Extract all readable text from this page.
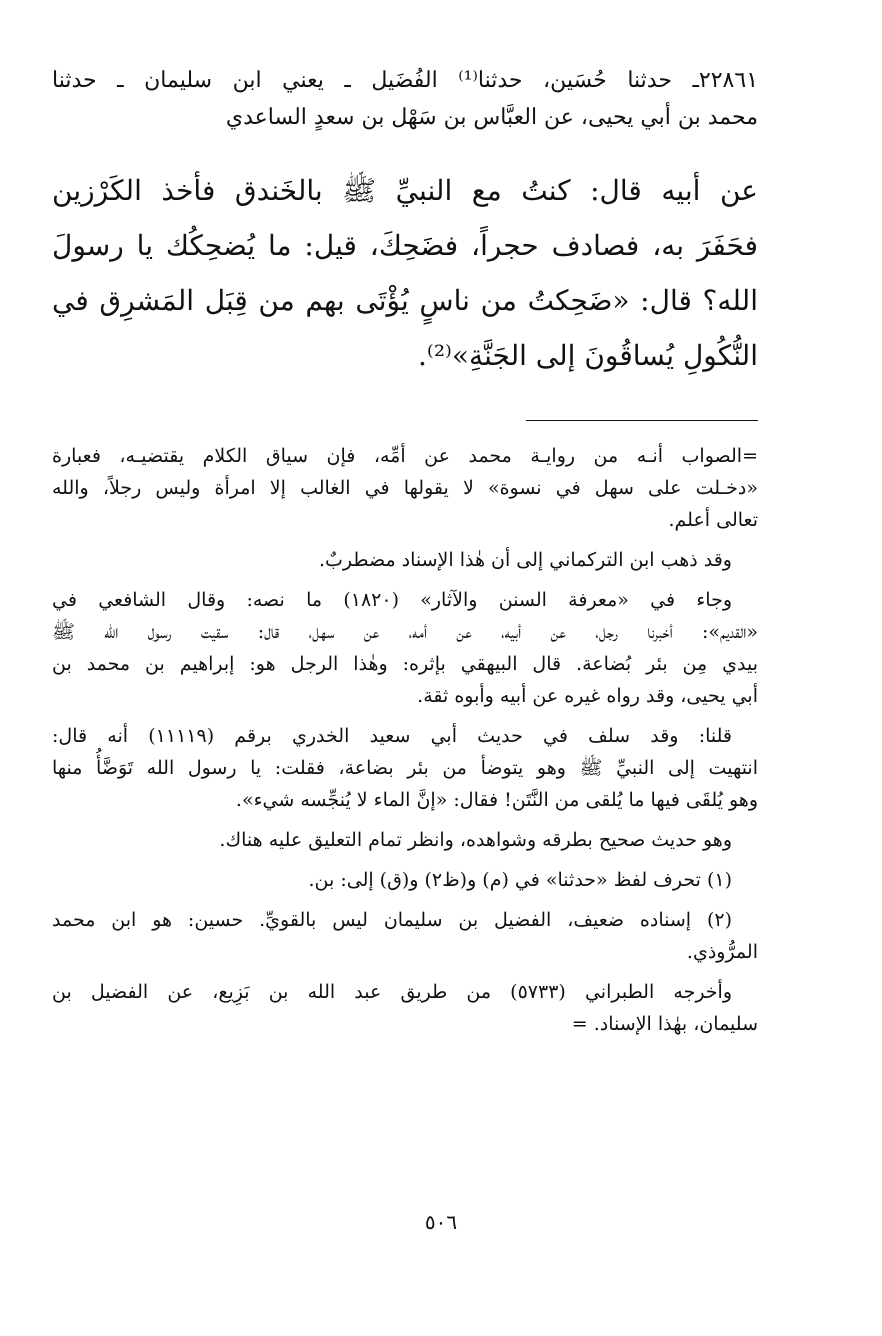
٢٢٨٦١ـ حدثنا حُسَين، حدثنا⁽¹⁾ الفُضَيل ـ يعني ابن سليمان ـ حدثنا
محمد بن أبي يحيى، عن العبَّاس بن سَهْل بن سعدٍ الساعدي
عن أبيه قال: كنتُ مع النبيِّ ﷺ بالخَندق فأخذ الكَرْزين
فحَفَرَ به، فصادف حجراً، فضَحِكَ، قيل: ما يُضحِكُك يا رسولَ
الله؟ قال: «ضَحِكتُ من ناسٍ يُؤْتَى بهم من قِبَل المَشرِق في
النُّكُولِ يُساقُونَ إلى الجَنَّةِ»⁽²⁾.
=الصواب أنـه من روايـة محمد عن أمِّه، فإن سياق الكلام يقتضيـه، فعبارة
«دخـلت على سهل في نسوة» لا يقولها في الغالب إلا امرأة وليس رجلاً، والله
تعالى أعلم.
وقد ذهب ابن التركماني إلى أن هٰذا الإسناد مضطربٌ.
وجاء في «معرفة السنن والآثار» (١٨٢٠) ما نصه: وقال الشافعي في
«القديم»: أخبرنا رجل، عن أبيه، عن أمه، عن سهل، قال: سقيت رسول الله ﷺ
بيدي مِن بئر بُضاعة. قال البيهقي بإثره: وهٰذا الرجل هو: إبراهيم بن محمد بن
أبي يحيى، وقد رواه غيره عن أبيه وأبوه ثقة.
قلنا: وقد سلف في حديث أبي سعيد الخدري برقم (١١١١٩) أنه قال:
انتهيت إلى النبيِّ ﷺ وهو يتوضأ من بئر بضاعة، فقلت: يا رسول الله تَوَضَّأُ منها
وهو يُلقَى فيها ما يُلقى من النَّتَن! فقال: «إنَّ الماء لا يُنجِّسه شيء».
وهو حديث صحيح بطرقه وشواهده، وانظر تمام التعليق عليه هناك.
(١) تحرف لفظ «حدثنا» في (م) و(ظ٢) و(ق) إلى: بن.
(٢) إسناده ضعيف، الفضيل بن سليمان ليس بالقويِّ. حسين: هو ابن محمد
المرُّوذي.
وأخرجه الطبراني (٥٧٣٣) من طريق عبد الله بن بَزِيع، عن الفضيل بن
سليمان، بهٰذا الإسناد. =
٥٠٦
